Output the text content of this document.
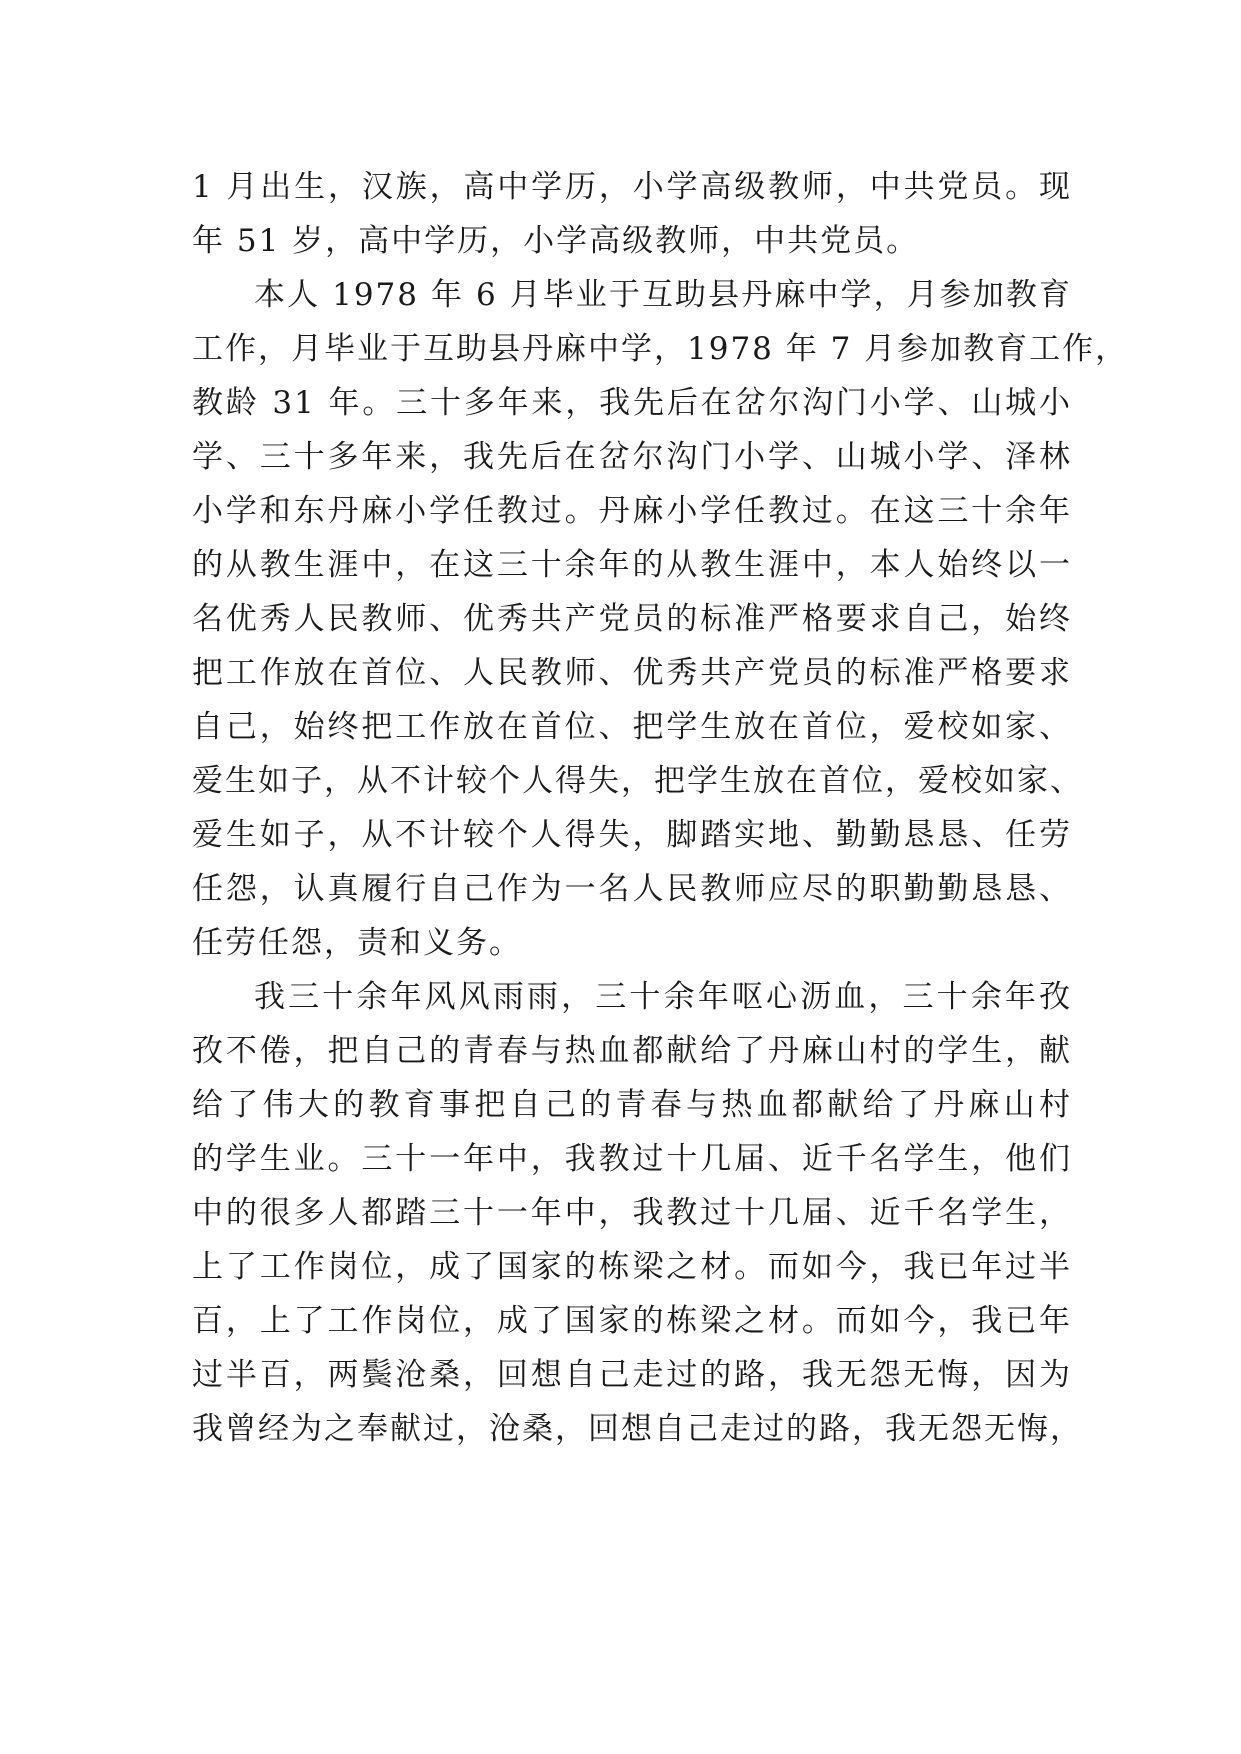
1 月出生，汉族，高中学历，小学高级教师，中共党员。现
年 51 岁，高中学历，小学高级教师，中共党员。
本人 1978 年 6 月毕业于互助县丹麻中学，月参加教育
工作，月毕业于互助县丹麻中学，1978 年 7 月参加教育工作，
教龄 31 年。三十多年来，我先后在岔尔沟门小学、山城小
学、三十多年来，我先后在岔尔沟门小学、山城小学、泽林
小学和东丹麻小学任教过。丹麻小学任教过。在这三十余年
的从教生涯中，在这三十余年的从教生涯中，本人始终以一
名优秀人民教师、优秀共产党员的标准严格要求自己，始终
把工作放在首位、人民教师、优秀共产党员的标准严格要求
自己，始终把工作放在首位、把学生放在首位，爱校如家、
爱生如子，从不计较个人得失，把学生放在首位，爱校如家、
爱生如子，从不计较个人得失，脚踏实地、勤勤恳恳、任劳
任怨，认真履行自己作为一名人民教师应尽的职勤勤恳恳、
任劳任怨，责和义务。
我三十余年风风雨雨，三十余年呕心沥血，三十余年孜
孜不倦，把自己的青春与热血都献给了丹麻山村的学生，献
给了伟大的教育事把自己的青春与热血都献给了丹麻山村
的学生业。三十一年中，我教过十几届、近千名学生，他们
中的很多人都踏三十一年中，我教过十几届、近千名学生，
上了工作岗位，成了国家的栋梁之材。而如今，我已年过半
百，上了工作岗位，成了国家的栋梁之材。而如今，我已年
过半百，两鬓沧桑，回想自己走过的路，我无怨无悔，因为
我曾经为之奉献过，沧桑，回想自己走过的路，我无怨无悔，
